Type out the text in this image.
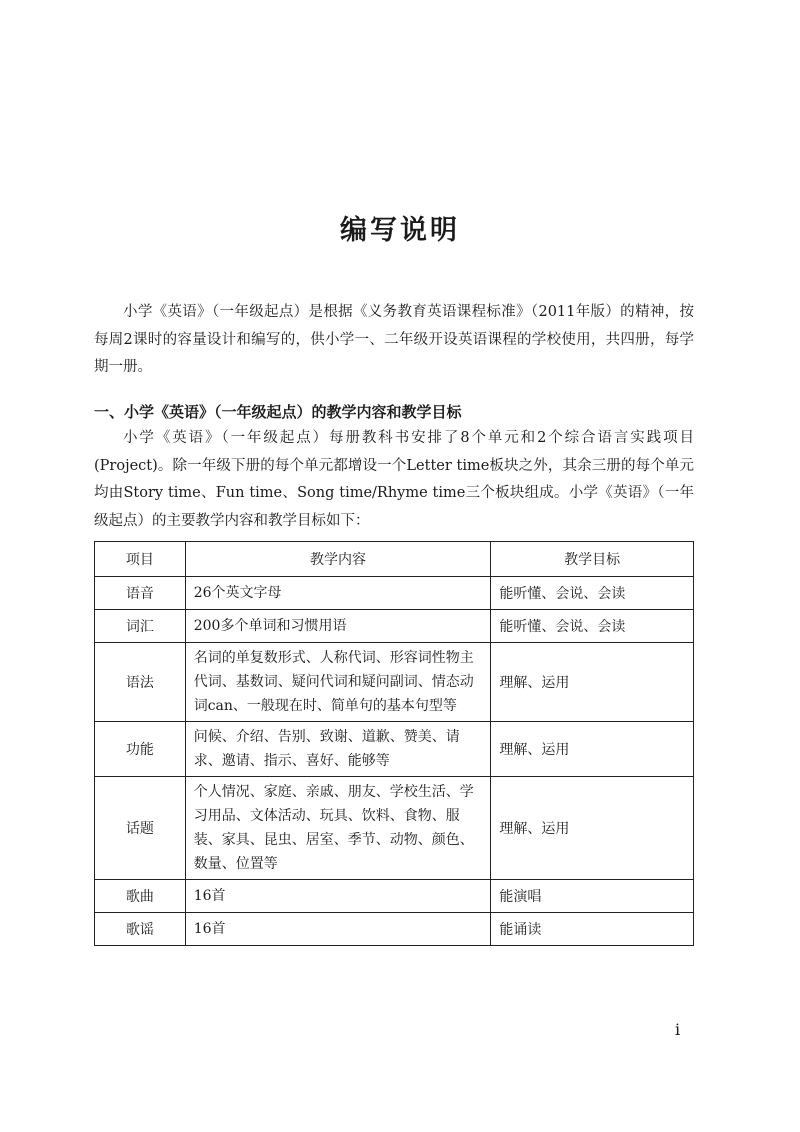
编写说明
小学《英语》（一年级起点）是根据《义务教育英语课程标准》（2011年版）的精神，按每周2课时的容量设计和编写的，供小学一、二年级开设英语课程的学校使用，共四册，每学期一册。
一、小学《英语》（一年级起点）的教学内容和教学目标
小学《英语》（一年级起点）每册教科书安排了8个单元和2个综合语言实践项目(Project)。除一年级下册的每个单元都增设一个Letter time板块之外，其余三册的每个单元均由Story time、Fun time、Song time/Rhyme time三个板块组成。小学《英语》（一年级起点）的主要教学内容和教学目标如下：
项目	教学内容	教学目标
语音	26个英文字母	能听懂、会说、会读
词汇	200多个单词和习惯用语	能听懂、会说、会读
语法	名词的单复数形式、人称代词、形容词性物主代词、基数词、疑问代词和疑问副词、情态动词can、一般现在时、简单句的基本句型等	理解、运用
功能	问候、介绍、告别、致谢、道歉、赞美、请求、邀请、指示、喜好、能够等	理解、运用
话题	个人情况、家庭、亲戚、朋友、学校生活、学习用品、文体活动、玩具、饮料、食物、服装、家具、昆虫、居室、季节、动物、颜色、数量、位置等	理解、运用
歌曲	16首	能演唱
歌谣	16首	能诵读
i
